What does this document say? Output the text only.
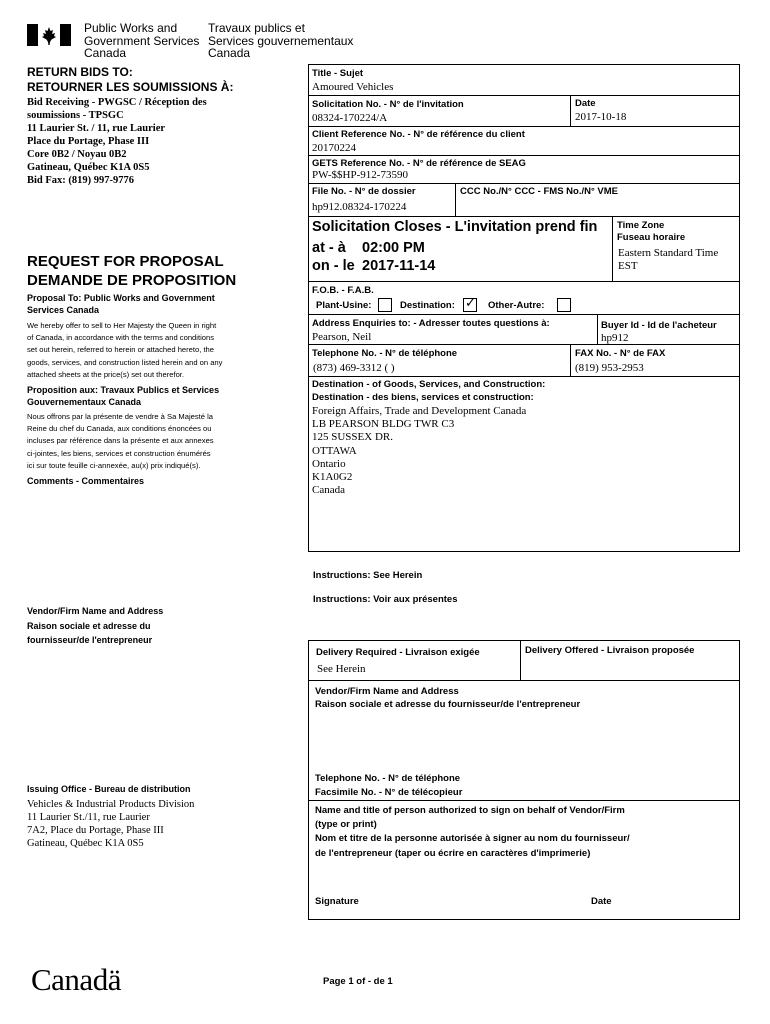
Public Works and
Government Services
Canada
Travaux publics et
Services gouvernementaux
Canada
RETURN BIDS TO:
RETOURNER LES SOUMISSIONS À:
Bid Receiving - PWGSC / Réception des
soumissions - TPSGC
11 Laurier St. / 11, rue Laurier
Place du Portage, Phase III
Core 0B2 / Noyau 0B2
Gatineau, Québec K1A 0S5
Bid Fax: (819) 997-9776
REQUEST FOR PROPOSAL
DEMANDE DE PROPOSITION
Proposal To: Public Works and Government
Services Canada
We hereby offer to sell to Her Majesty the Queen in right
of Canada, in accordance with the terms and conditions
set out herein, referred to herein or attached hereto, the
goods, services, and construction listed herein and on any
attached sheets at the price(s) set out therefor.
Proposition aux: Travaux Publics et Services
Gouvernementaux Canada
Nous offrons par la présente de vendre à Sa Majesté la
Reine du chef du Canada, aux conditions énoncées ou
incluses par référence dans la présente et aux annexes
ci-jointes, les biens, services et construction énumérés
ici sur toute feuille ci-annexée, au(x) prix indiqué(s).
Comments - Commentaires
Vendor/Firm Name and Address
Raison sociale et adresse du
fournisseur/de l'entrepreneur
Issuing Office - Bureau de distribution
Vehicles & Industrial Products Division
11 Laurier St./11, rue Laurier
7A2, Place du Portage, Phase III
Gatineau, Québec K1A 0S5
Title - Sujet
Amoured Vehicles
Solicitation No. - N° de l'invitation
08324-170224/A
Date
2017-10-18
Client Reference No. - N° de référence du client
20170224
GETS Reference No. - N° de référence de SEAG
PW-$$HP-912-73590
File No. - N° de dossier
hp912.08324-170224
CCC No./N° CCC - FMS No./N° VME
Solicitation Closes - L'invitation prend fin
at - à 02:00 PM
on - le 2017-11-14
Time Zone
Fuseau horaire
Eastern Standard Time
EST
F.O.B. - F.A.B.
Plant-Usine:	Destination: ✓ Other-Autre:
Address Enquiries to: - Adresser toutes questions à:
Pearson, Neil
Buyer Id - Id de l'acheteur
hp912
Telephone No. - N° de téléphone
(873) 469-3312 ( )
FAX No. - N° de FAX
(819) 953-2953
Destination - of Goods, Services, and Construction:
Destination - des biens, services et construction:
Foreign Affairs, Trade and Development Canada
LB PEARSON BLDG TWR C3
125 SUSSEX DR.
OTTAWA
Ontario
K1A0G2
Canada
Instructions: See Herein
Instructions: Voir aux présentes
Delivery Required - Livraison exigée
See Herein
Delivery Offered - Livraison proposée
Vendor/Firm Name and Address
Raison sociale et adresse du fournisseur/de l'entrepreneur
Telephone No. - N° de téléphone
Facsimile No. - N° de télécopieur
Name and title of person authorized to sign on behalf of Vendor/Firm
(type or print)
Nom et titre de la personne autorisée à signer au nom du fournisseur/
de l'entrepreneur (taper ou écrire en caractères d'imprimerie)
Signature	Date
Canadä	Page 1 of - de 1
